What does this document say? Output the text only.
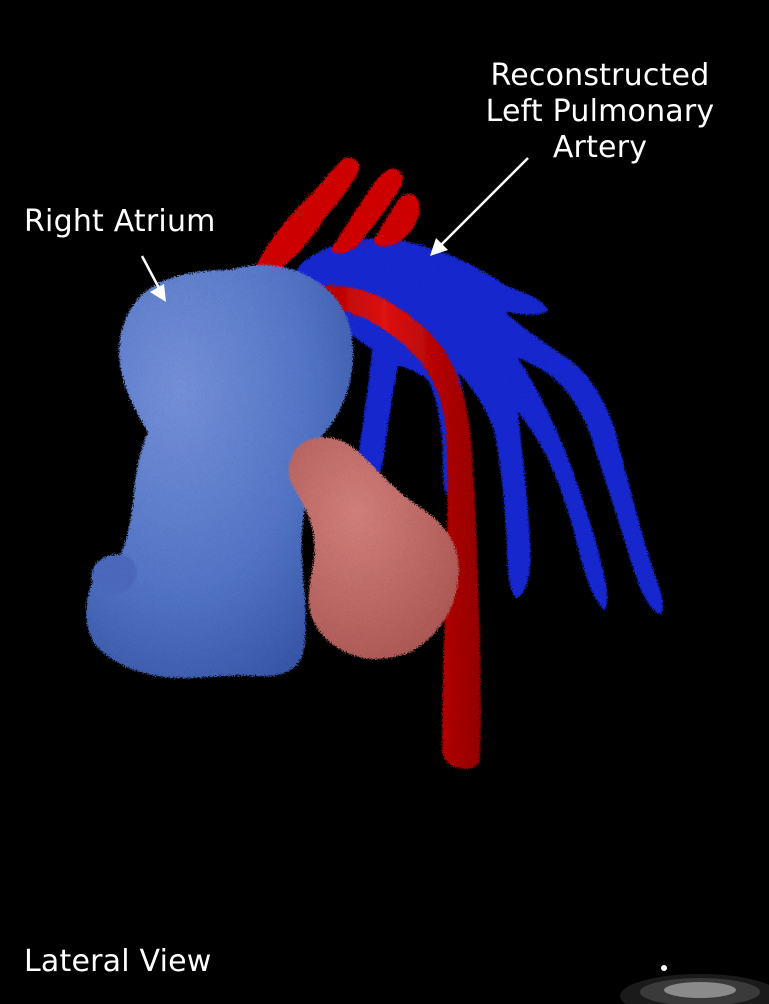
Right Atrium
Reconstructed
Left Pulmonary
Artery
Lateral View
